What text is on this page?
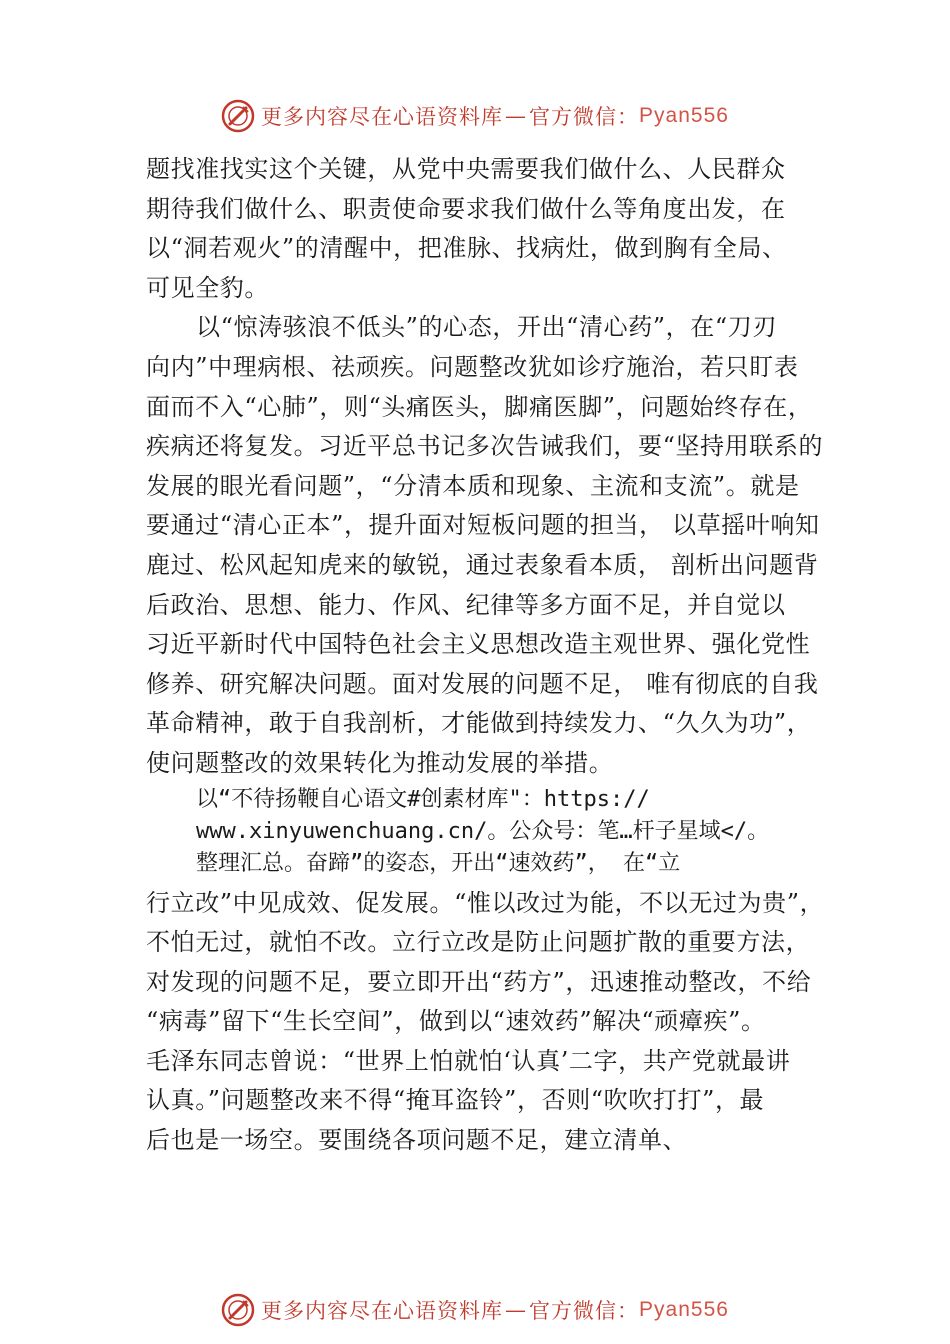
更多内容尽在心语资料库 — 官方微信： Pyan556
题找准找实这个关键，从党中央需要我们做什么、人民群众
期待我们做什么、职责使命要求我们做什么等角度出发，在
以“洞若观火”的清醒中，把准脉、找病灶，做到胸有全局、
可见全豹。
以“惊涛骇浪不低头”的心态，开出“清心药”，在“刀刃
向内”中理病根、祛顽疾。问题整改犹如诊疗施治，若只盯表
面而不入“心肺”，则“头痛医头，脚痛医脚”，问题始终存在，
疾病还将复发。习近平总书记多次告诫我们，要“坚持用联系的
发展的眼光看问题”，“分清本质和现象、主流和支流”。就是
要通过“清心正本”，提升面对短板问题的担当， 以草摇叶响知
鹿过、松风起知虎来的敏锐，通过表象看本质， 剖析出问题背
后政治、思想、能力、作风、纪律等多方面不足，并自觉以
习近平新时代中国特色社会主义思想改造主观世界、强化党性
修养、研究解决问题。面对发展的问题不足， 唯有彻底的自我
革命精神，敢于自我剖析，才能做到持续发力、“久久为功”，
使问题整改的效果转化为推动发展的举措。
以“不待扬鞭自心语文#创素材库"：https://
www.xinyuwenchuang.cn/。公众号：笔…杆子星域</。
整理汇总。奋蹄”的姿态，开出“速效药”， 在“立
行立改”中见成效、促发展。“惟以改过为能，不以无过为贵”，
不怕无过，就怕不改。立行立改是防止问题扩散的重要方法，
对发现的问题不足，要立即开出“药方”，迅速推动整改，不给
“病毒”留下“生长空间”，做到以“速效药”解决“顽瘴疾”。
毛泽东同志曾说：“世界上怕就怕‘认真’二字，共产党就最讲
认真。”问题整改来不得“掩耳盗铃”，否则“吹吹打打”，最
后也是一场空。要围绕各项问题不足，建立清单、
更多内容尽在心语资料库 — 官方微信： Pyan556
